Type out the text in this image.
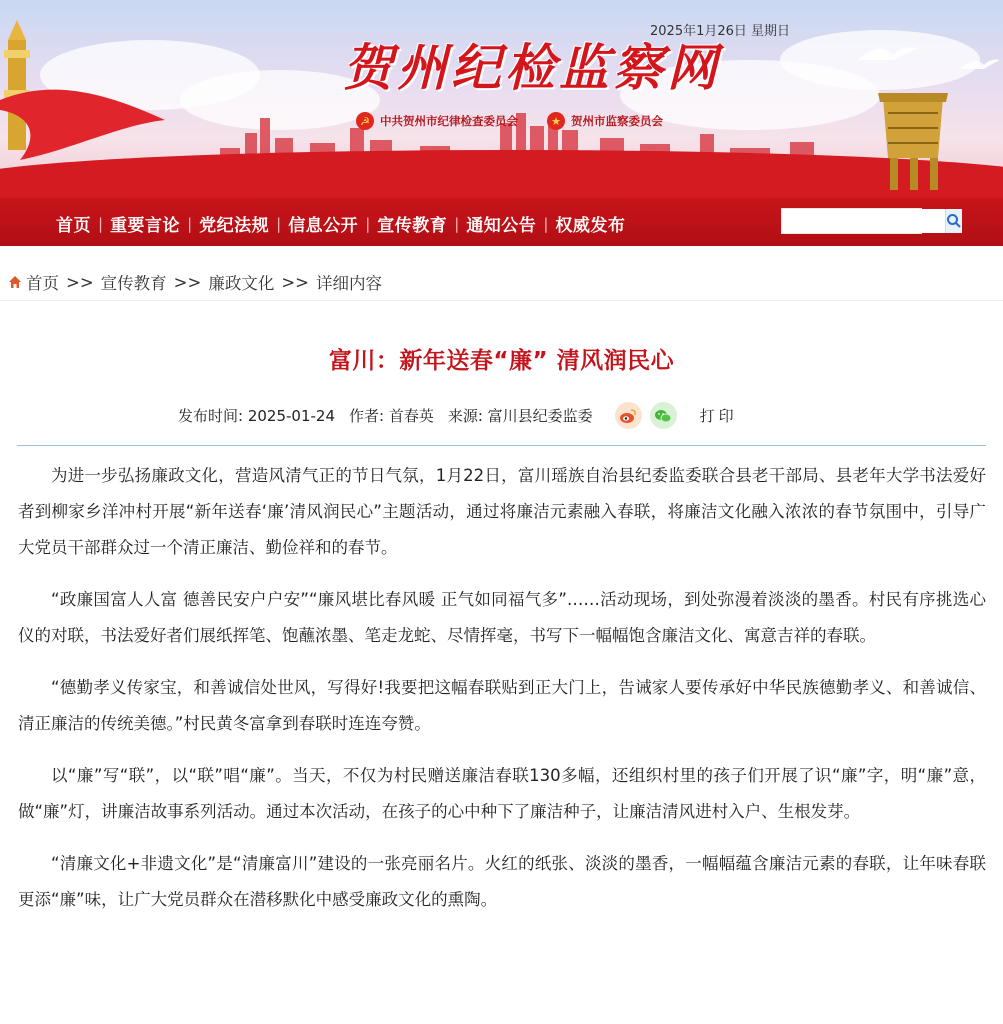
2025年1月26日 星期日
贺州纪检监察网
☭ 中共贺州市纪律检查委员会	★ 贺州市监察委员会
首页 | 重要言论 | 党纪法规 | 信息公开 | 宣传教育 | 通知公告 | 权威发布
首页 >> 宣传教育 >> 廉政文化 >> 详细内容
富川：新年送春“廉” 清风润民心
发布时间: 2025-01-24 作者: 首春英 来源: 富川县纪委监委	打印

为进一步弘扬廉政文化，营造风清气正的节日气氛，1月22日，富川瑶族自治县纪委监委联合县老干部局、县老年大学书法爱好者到柳家乡洋冲村开展“新年送春‘廉’清风润民心”主题活动，通过将廉洁元素融入春联，将廉洁文化融入浓浓的春节氛围中，引导广大党员干部群众过一个清正廉洁、勤俭祥和的春节。

“政廉国富人人富 德善民安户户安”“廉风堪比春风暖 正气如同福气多”……活动现场，到处弥漫着淡淡的墨香。村民有序挑选心仪的对联，书法爱好者们展纸挥笔、饱蘸浓墨、笔走龙蛇、尽情挥毫，书写下一幅幅饱含廉洁文化、寓意吉祥的春联。

“德勤孝义传家宝，和善诚信处世风，写得好!我要把这幅春联贴到正大门上，告诫家人要传承好中华民族德勤孝义、和善诚信、清正廉洁的传统美德。”村民黄冬富拿到春联时连连夸赞。

以“廉”写“联”，以“联”唱“廉”。当天，不仅为村民赠送廉洁春联130多幅，还组织村里的孩子们开展了识“廉”字，明“廉”意，做“廉”灯，讲廉洁故事系列活动。通过本次活动，在孩子的心中种下了廉洁种子，让廉洁清风进村入户、生根发芽。

“清廉文化+非遗文化”是“清廉富川”建设的一张亮丽名片。火红的纸张、淡淡的墨香，一幅幅蕴含廉洁元素的春联，让年味春联更添“廉”味，让广大党员群众在潜移默化中感受廉政文化的熏陶。
